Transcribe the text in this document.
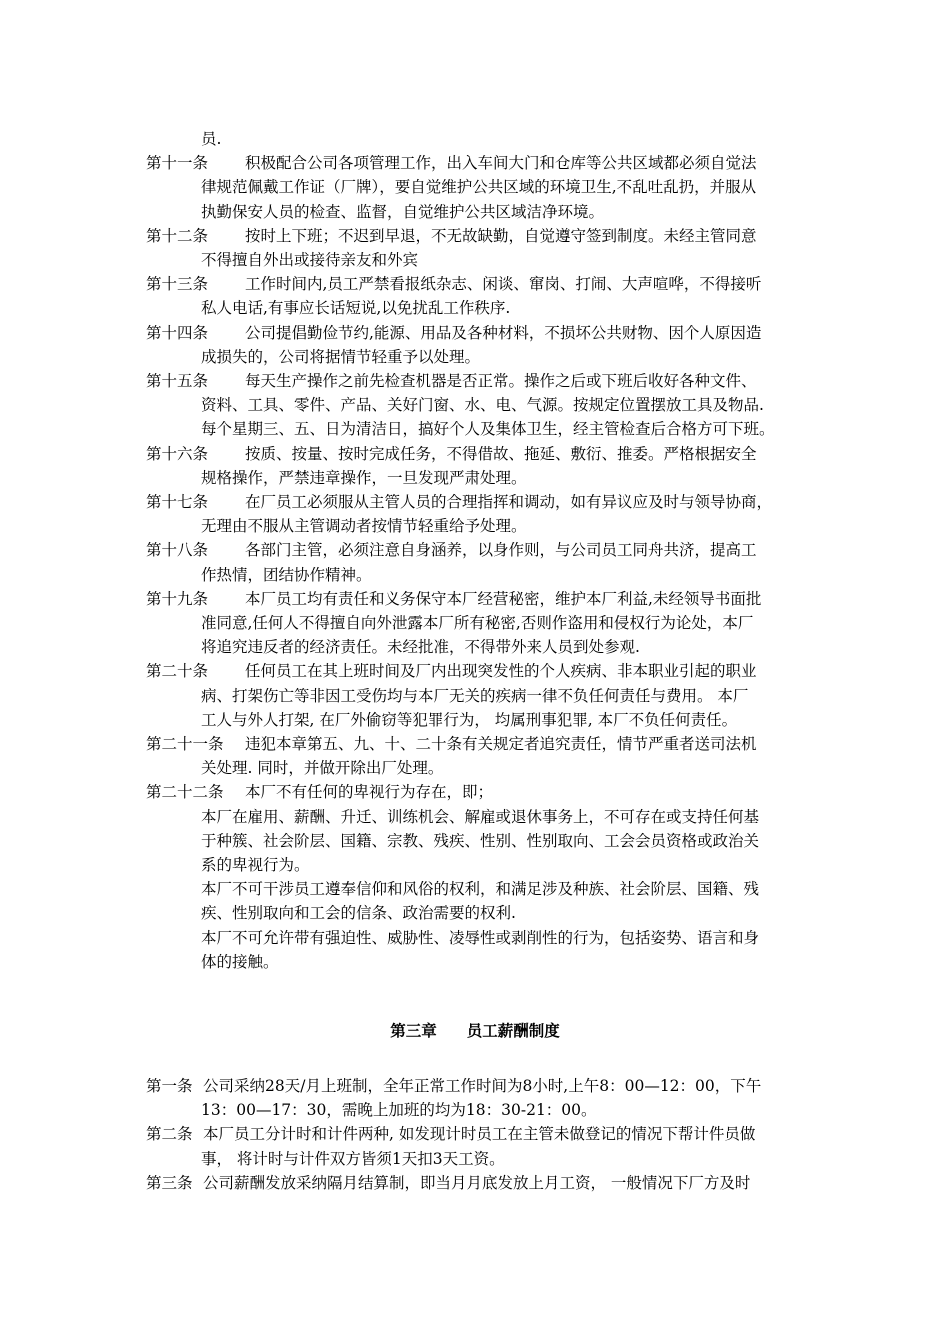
员.
第十一条 积极配合公司各项管理工作，出入车间大门和仓库等公共区域都必须自觉法
律规范佩戴工作证（厂牌），要自觉维护公共区域的环境卫生,不乱吐乱扔，并服从
执勤保安人员的检查、监督，自觉维护公共区域洁净环境。
第十二条 按时上下班；不迟到早退，不无故缺勤，自觉遵守签到制度。未经主管同意
不得擅自外出或接待亲友和外宾
第十三条 工作时间内,员工严禁看报纸杂志、闲谈、窜岗、打闹、大声喧哗，不得接听
私人电话,有事应长话短说,以免扰乱工作秩序.
第十四条 公司提倡勤俭节约,能源、用品及各种材料，不损坏公共财物、因个人原因造
成损失的，公司将据情节轻重予以处理。
第十五条 每天生产操作之前先检查机器是否正常。操作之后或下班后收好各种文件、
资料、工具、零件、产品、关好门窗、水、电、气源。按规定位置摆放工具及物品.
每个星期三、五、日为清洁日，搞好个人及集体卫生，经主管检查后合格方可下班。
第十六条 按质、按量、按时完成任务，不得借故、拖延、敷衍、推委。严格根据安全
规格操作，严禁违章操作，一旦发现严肃处理。
第十七条 在厂员工必须服从主管人员的合理指挥和调动，如有异议应及时与领导协商，
无理由不服从主管调动者按情节轻重给予处理。
第十八条 各部门主管，必须注意自身涵养，以身作则，与公司员工同舟共济，提高工
作热情，团结协作精神。
第十九条 本厂员工均有责任和义务保守本厂经营秘密，维护本厂利益,未经领导书面批
准同意,任何人不得擅自向外泄露本厂所有秘密,否则作盗用和侵权行为论处，本厂
将追究违反者的经济责任。未经批准，不得带外来人员到处参观.
第二十条 任何员工在其上班时间及厂内出现突发性的个人疾病、非本职业引起的职业
病、打架伤亡等非因工受伤均与本厂无关的疾病一律不负任何责任与费用。 本厂
工人与外人打架, 在厂外偷窃等犯罪行为， 均属刑事犯罪, 本厂不负任何责任。
第二十一条 违犯本章第五、九、十、二十条有关规定者追究责任，情节严重者送司法机
关处理. 同时，并做开除出厂处理。
第二十二条 本厂不有任何的卑视行为存在，即；
本厂在雇用、薪酬、升迁、训练机会、解雇或退休事务上，不可存在或支持任何基
于种簇、社会阶层、国籍、宗教、残疾、性别、性别取向、工会会员资格或政治关
系的卑视行为。
本厂不可干涉员工遵奉信仰和风俗的权利，和满足涉及种族、社会阶层、国籍、残
疾、性别取向和工会的信条、政治需要的权利.
本厂不可允许带有强迫性、威胁性、凌辱性或剥削性的行为，包括姿势、语言和身
体的接触。
第三章 员工薪酬制度
第一条 公司采纳28天/月上班制，全年正常工作时间为8小时,上午8：00—12：00，下午
13：00—17：30，需晚上加班的均为18：30-21：00。
第二条 本厂员工分计时和计件两种, 如发现计时员工在主管未做登记的情况下帮计件员做
事， 将计时与计件双方皆须1天扣3天工资。
第三条 公司薪酬发放采纳隔月结算制，即当月月底发放上月工资， 一般情况下厂方及时
